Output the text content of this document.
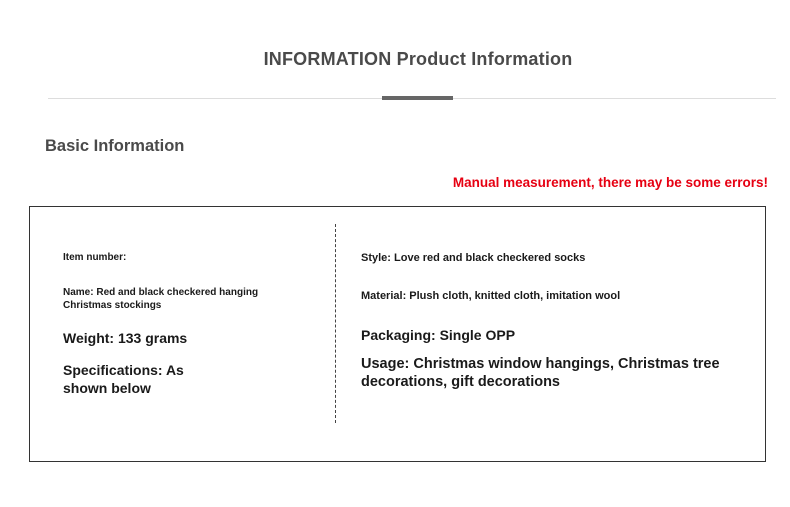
INFORMATION Product Information
Basic Information
Manual measurement, there may be some errors!
Item number:
Name: Red and black checkered hanging Christmas stockings
Weight: 133 grams
Specifications: As shown below
Style: Love red and black checkered socks
Material: Plush cloth, knitted cloth, imitation wool
Packaging: Single OPP
Usage: Christmas window hangings, Christmas tree decorations, gift decorations
